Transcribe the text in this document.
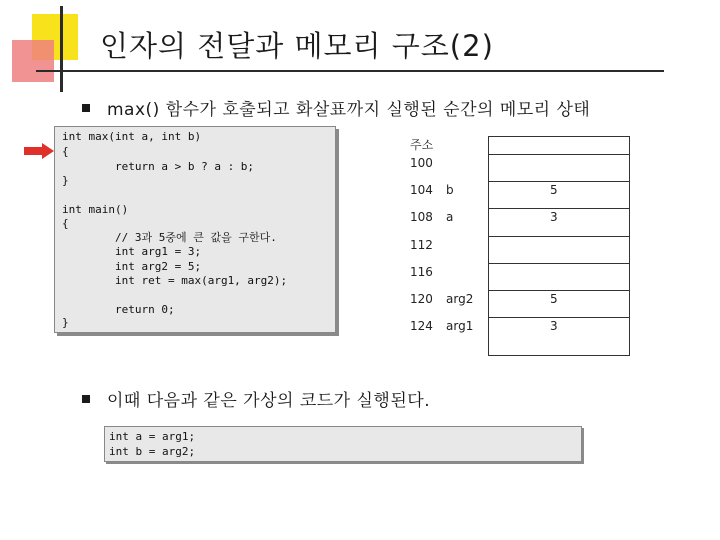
인자의 전달과 메모리 구조(2)
max() 함수가 호출되고 화살표까지 실행된 순간의 메모리 상태
int max(int a, int b)
{
return a > b ? a : b;
}
int main()
{
// 3과 5중에 큰 값을 구한다.
int arg1 = 3;
int arg2 = 5;
int ret = max(arg1, arg2);
return 0;
}
주소
100
104 b	5
108 a	3
112
116
120 arg2	5
124 arg1	3
이때 다음과 같은 가상의 코드가 실행된다.
int a = arg1;
int b = arg2;
